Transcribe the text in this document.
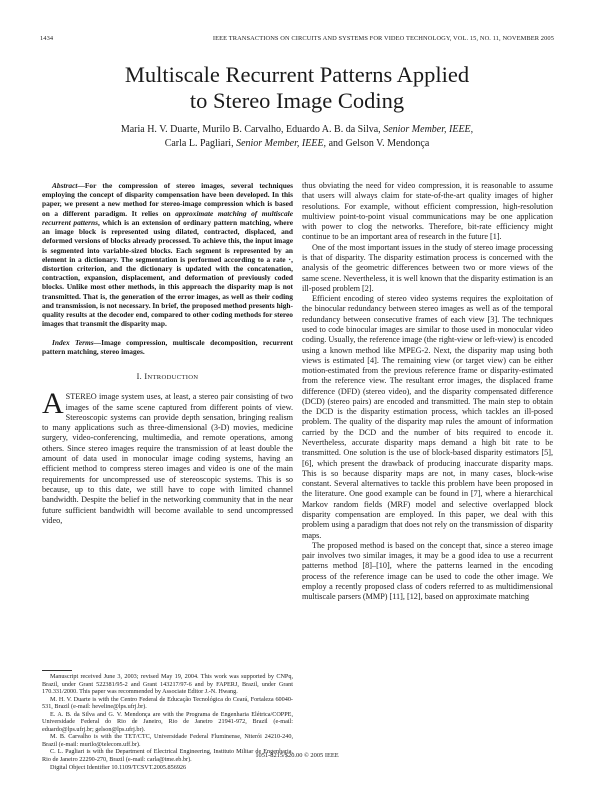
1434	IEEE TRANSACTIONS ON CIRCUITS AND SYSTEMS FOR VIDEO TECHNOLOGY, VOL. 15, NO. 11, NOVEMBER 2005
Multiscale Recurrent Patterns Applied
to Stereo Image Coding
Maria H. V. Duarte, Murilo B. Carvalho, Eduardo A. B. da Silva, Senior Member, IEEE,
Carla L. Pagliari, Senior Member, IEEE, and Gelson V. Mendonça

Abstract—For the compression of stereo images, several techniques employing the concept of disparity compensation have been developed. In this paper, we present a new method for stereo-image compression which is based on a different paradigm. It relies on approximate matching of multiscale recurrent patterns, which is an extension of ordinary pattern matching, where an image block is represented using dilated, contracted, displaced, and deformed versions of blocks already processed. To achieve this, the input image is segmented into variable-sized blocks. Each segment is represented by an element in a dictionary. The segmentation is performed according to a rate ⋅, distortion criterion, and the dictionary is updated with the concatenation, contraction, expansion, displacement, and deformation of previously coded blocks. Unlike most other methods, in this approach the disparity map is not transmitted. That is, the generation of the error images, as well as their coding and transmission, is not necessary. In brief, the proposed method presents high-quality results at the decoder end, compared to other coding methods for stereo images that transmit the disparity map.

Index Terms—Image compression, multiscale decomposition, recurrent pattern matching, stereo images.

I. INTRODUCTION

ASTEREO image system uses, at least, a stereo pair consisting of two images of the same scene captured from different points of view. Stereoscopic systems can provide depth sensation, bringing realism to many applications such as three-dimensional (3-D) movies, medicine surgery, video-conferencing, multimedia, and remote operations, among others. Since stereo images require the transmission of at least double the amount of data used in monocular image coding systems, having an efficient method to compress stereo images and video is one of the main requirements for uncompressed use of stereoscopic systems. This is so because, up to this date, we still have to cope with limited channel bandwidth. Despite the belief in the networking community that in the near future sufficient bandwidth will become available to send uncompressed video,

Manuscript received June 3, 2003; revised May 19, 2004. This work was supported by CNPq, Brazil, under Grant 522381/95-2 and Grant 143217/97-6 and by FAPERJ, Brazil, under Grant 170.331/2000. This paper was recommended by Associate Editor J.-N. Hwang.

M. H. V. Duarte is with the Centro Federal de Educação Tecnológica do Ceará, Fortaleza 60040-531, Brazil (e-mail: heveline@lps.ufrj.br).

E. A. B. da Silva and G. V. Mendonça are with the Programa de Engenharia Elétrica/COPPE, Universidade Federal do Rio de Janeiro, Rio de Janeiro 21941-972, Brazil (e-mail: eduardo@lps.ufrj.br; gelson@lps.ufrj.br).

M. B. Carvalho is with the TET/CTC, Universidade Federal Fluminense, Niterói 24210-240, Brazil (e-mail: murilo@telecom.uff.br).

C. L. Pagliari is with the Department of Electrical Engineering, Instituto Militar de Engenharia, Rio de Janeiro 22290-270, Brazil (e-mail: carla@ime.eb.br).

Digital Object Identifier 10.1109/TCSVT.2005.856926

thus obviating the need for video compression, it is reasonable to assume that users will always claim for state-of-the-art quality images of higher resolutions. For example, without efficient compression, high-resolution multiview point-to-point visual communications may be one application with power to clog the networks. Therefore, bit-rate efficiency might continue to be an important area of research in the future [1].

One of the most important issues in the study of stereo image processing is that of disparity. The disparity estimation process is concerned with the analysis of the geometric differences between two or more views of the same scene. Nevertheless, it is well known that the disparity estimation is an ill-posed problem [2].

Efficient encoding of stereo video systems requires the exploitation of the binocular redundancy between stereo images as well as of the temporal redundancy between consecutive frames of each view [3]. The techniques used to code binocular images are similar to those used in monocular video coding. Usually, the reference image (the right-view or left-view) is encoded using a known method like MPEG-2. Next, the disparity map using both views is estimated [4]. The remaining view (or target view) can be either motion-estimated from the previous reference frame or disparity-estimated from the reference view. The resultant error images, the displaced frame difference (DFD) (stereo video), and the disparity compensated difference (DCD) (stereo pairs) are encoded and transmitted. The main step to obtain the DCD is the disparity estimation process, which tackles an ill-posed problem. The quality of the disparity map rules the amount of information carried by the DCD and the number of bits required to encode it. Nevertheless, accurate disparity maps demand a high bit rate to be transmitted. One solution is the use of block-based disparity estimators [5], [6], which present the drawback of producing inaccurate disparity maps. This is so because disparity maps are not, in many cases, block-wise constant. Several alternatives to tackle this problem have been proposed in the literature. One good example can be found in [7], where a hierarchical Markov random fields (MRF) model and selective overlapped block disparity compensation are employed. In this paper, we deal with this problem using a paradigm that does not rely on the transmission of disparity maps.

The proposed method is based on the concept that, since a stereo image pair involves two similar images, it may be a good idea to use a recurrent patterns method [8]–[10], where the patterns learned in the encoding process of the reference image can be used to code the other image. We employ a recently proposed class of coders referred to as multidimensional multiscale parsers (MMP) [11], [12], based on approximate matching

1051-8215/$20.00 © 2005 IEEE
